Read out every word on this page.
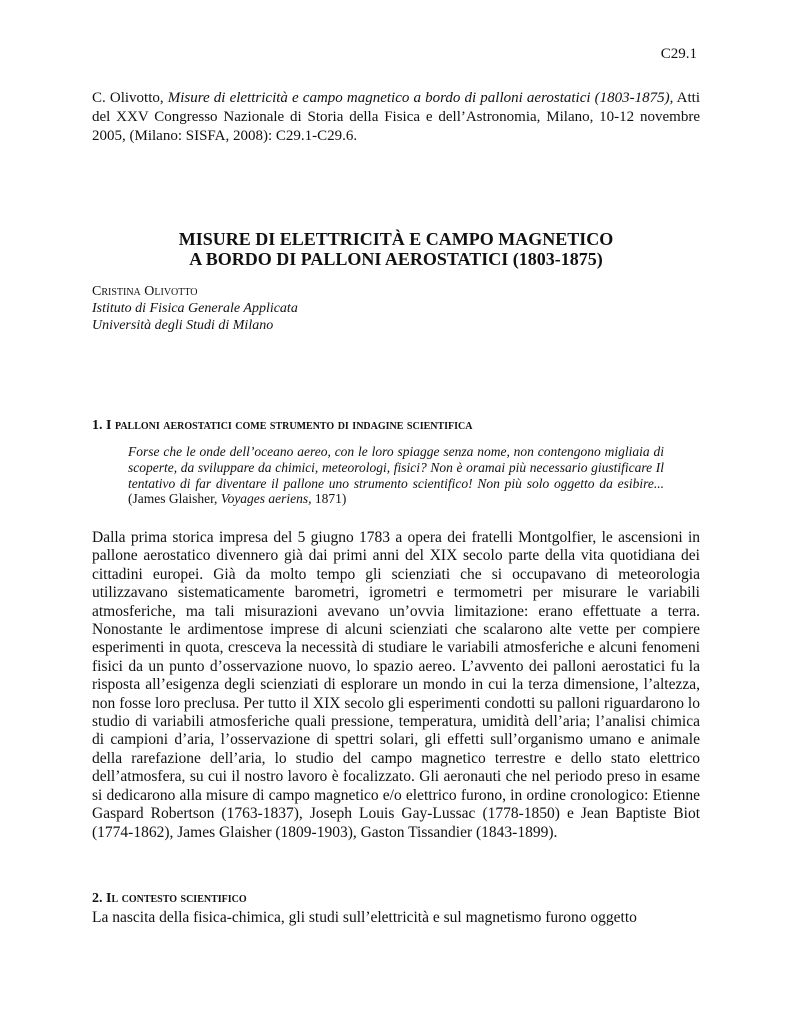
C29.1
C. Olivotto, Misure di elettricità e campo magnetico a bordo di palloni aerostatici (1803-1875), Atti del XXV Congresso Nazionale di Storia della Fisica e dell’Astronomia, Milano, 10-12 novembre 2005, (Milano: SISFA, 2008): C29.1-C29.6.
MISURE DI ELETTRICITÀ E CAMPO MAGNETICO
A BORDO DI PALLONI AEROSTATICI (1803-1875)
Cristina Olivotto
Istituto di Fisica Generale Applicata
Università degli Studi di Milano
1. I palloni aerostatici come strumento di indagine scientifica
Forse che le onde dell’oceano aereo, con le loro spiagge senza nome, non contengono migliaia di scoperte, da sviluppare da chimici, meteorologi, fisici? Non è oramai più necessario giustificare Il tentativo di far diventare il pallone uno strumento scientifico! Non più solo oggetto da esibire... (James Glaisher, Voyages aeriens, 1871)
Dalla prima storica impresa del 5 giugno 1783 a opera dei fratelli Montgolfier, le ascensioni in pallone aerostatico divennero già dai primi anni del XIX secolo parte della vita quotidiana dei cittadini europei. Già da molto tempo gli scienziati che si occupavano di meteorologia utilizzavano sistematicamente barometri, igrometri e termometri per misurare le variabili atmosferiche, ma tali misurazioni avevano un’ovvia limitazione: erano effettuate a terra. Nonostante le ardimentose imprese di alcuni scienziati che scalarono alte vette per compiere esperimenti in quota, cresceva la necessità di studiare le variabili atmosferiche e alcuni fenomeni fisici da un punto d’osservazione nuovo, lo spazio aereo. L’avvento dei palloni aerostatici fu la risposta all’esigenza degli scienziati di esplorare un mondo in cui la terza dimensione, l’altezza, non fosse loro preclusa. Per tutto il XIX secolo gli esperimenti condotti su palloni riguardarono lo studio di variabili atmosferiche quali pressione, temperatura, umidità dell’aria; l’analisi chimica di campioni d’aria, l’osservazione di spettri solari, gli effetti sull’organismo umano e animale della rarefazione dell’aria, lo studio del campo magnetico terrestre e dello stato elettrico dell’atmosfera, su cui il nostro lavoro è focalizzato. Gli aeronauti che nel periodo preso in esame si dedicarono alla misure di campo magnetico e/o elettrico furono, in ordine cronologico: Etienne Gaspard Robertson (1763-1837), Joseph Louis Gay-Lussac (1778-1850) e Jean Baptiste Biot (1774-1862), James Glaisher (1809-1903), Gaston Tissandier (1843-1899).
2. Il contesto scientifico
La nascita della fisica-chimica, gli studi sull’elettricità e sul magnetismo furono oggetto
